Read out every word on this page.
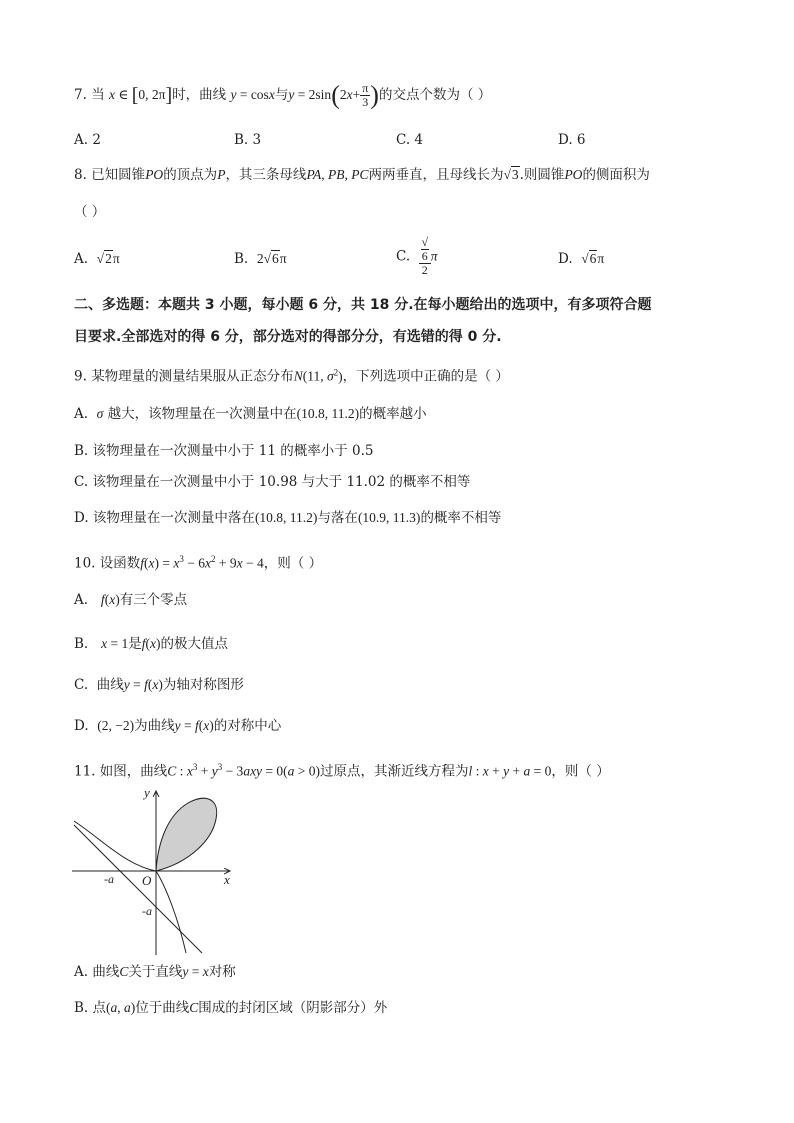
7. 当 x ∈ [0, 2π]时，曲线 y = cosx与$y = 2\sin(2x+ \frac{\pi}{3}$ )的交点个数为（ ）
A. 2	B. 3	C. 4	D. 6
8. 已知圆锥PO的顶点为P，其三条母线PA, PB, PC两两垂直，且母线长为√3.则圆锥PO的侧面积为
（ ）
A. √2π	B. 2√6π	C. √
6
2 π	D. √6π
二、多选题：本题共 3 小题，每小题 6 分，共 18 分.在每小题给出的选项中，有多项符合题
目要求.全部选对的得 6 分，部分选对的得部分分，有选错的得 0 分.
9. 某物理量的测量结果服从正态分布N(11, $\sigma^2$)，下列选项中正确的是（ ）
A. σ 越大，该物理量在一次测量中在(10.8, 11.2)的概率越小
B. 该物理量在一次测量中小于 11 的概率小于 0.5
C. 该物理量在一次测量中小于 10.98 与大于 11.02 的概率不相等
D. 该物理量在一次测量中落在(10.8, 11.2)与落在(10.9, 11.3)的概率不相等
10. 设函数$f(x) = x^3 - 6x^2 + 9x - 4$，则（ ）
A. f(x)有三个零点
B. x = 1是f(x)的极大值点
C. 曲线y = f(x)为轴对称图形
D. (2, −2)为曲线y = f(x)的对称中心
11. 如图，曲线C : $x^3 + y^3 - 3axy = 0(a > 0)$过原点，其渐近线方程为l : x + y + a = 0，则（ ）
y
x
O
-a
-a
A. 曲线C关于直线y = x对称
B. 点(a, a)位于曲线C围成的封闭区域（阴影部分）外
